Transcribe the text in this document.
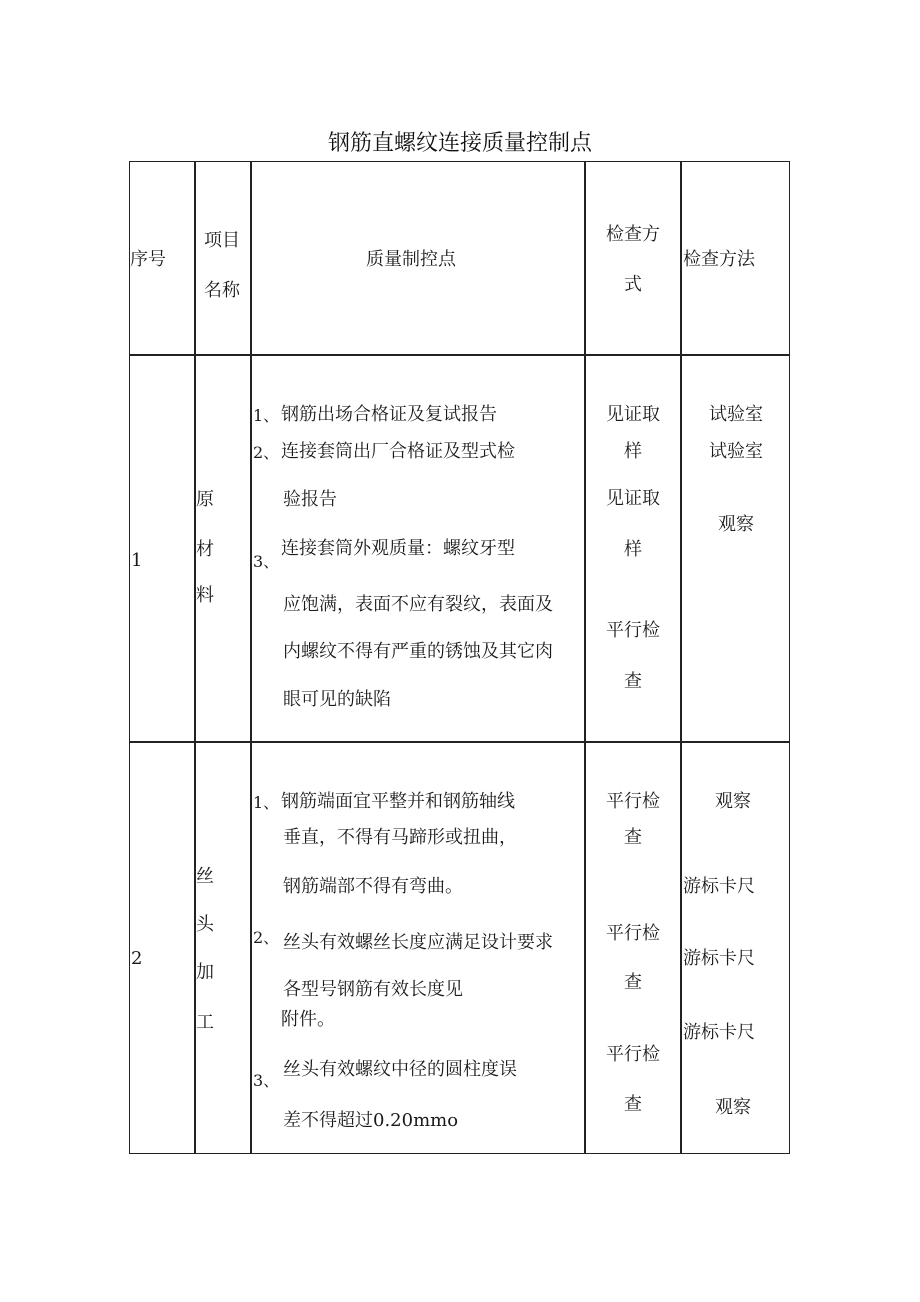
钢筋直螺纹连接质量控制点
序号
项目
名称
质量制控点
检查方
式
检查方法
1
原
材
料
1、 钢筋出场合格证及复试报告
2、 连接套筒出厂合格证及型式检
验报告
连接套筒外观质量：螺纹牙型
3、
应饱满，表面不应有裂纹，表面及
内螺纹不得有严重的锈蚀及其它肉
眼可见的缺陷
见证取
样
见证取
样
平行检
查
试验室
试验室
观察
2
丝
头
加
工
1、 钢筋端面宜平整并和钢筋轴线
垂直，不得有马蹄形或扭曲，
钢筋端部不得有弯曲。
2、 丝头有效螺丝长度应满足设计要求
各型号钢筋有效长度见
附件。
丝头有效螺纹中径的圆柱度误
3、
差不得超过0.20mmo
平行检
查
平行检
查
平行检
查
观察
游标卡尺
游标卡尺
游标卡尺
观察
